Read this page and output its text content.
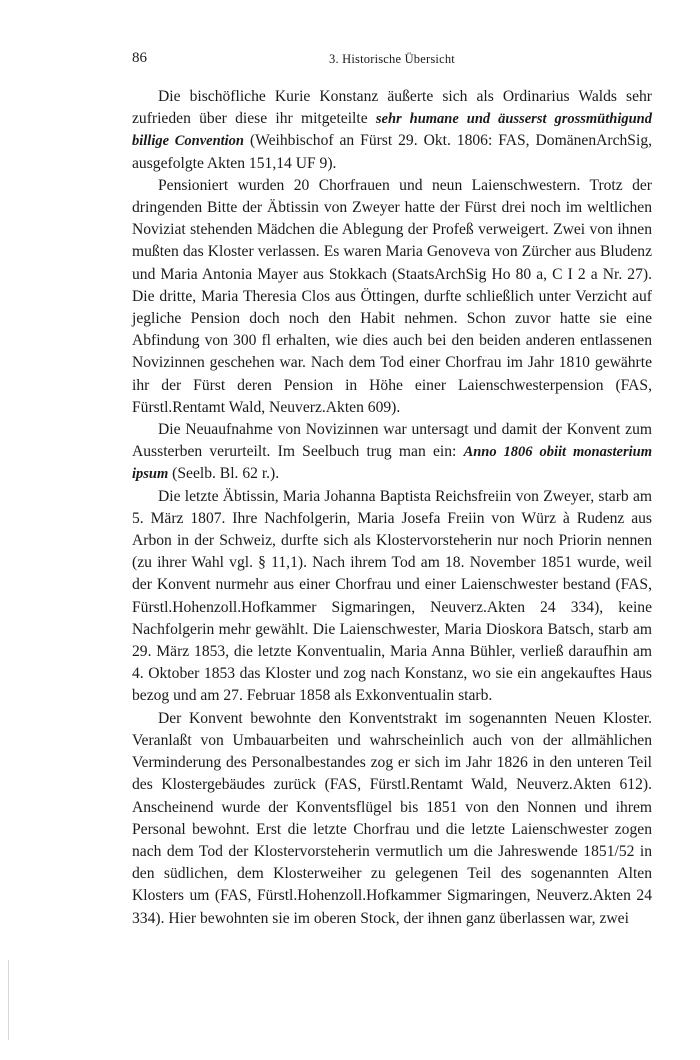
86	3. Historische Übersicht

Die bischöfliche Kurie Konstanz äußerte sich als Ordinarius Walds sehr zufrieden über diese ihr mitgeteilte sehr humane und äusserst grossmüthigund billige Convention (Weihbischof an Fürst 29. Okt. 1806: FAS, DomänenArchSig, ausgefolgte Akten 151,14 UF 9).

Pensioniert wurden 20 Chorfrauen und neun Laienschwestern. Trotz der dringenden Bitte der Äbtissin von Zweyer hatte der Fürst drei noch im weltlichen Noviziat stehenden Mädchen die Ablegung der Profeß verweigert. Zwei von ihnen mußten das Kloster verlassen. Es waren Maria Genoveva von Zürcher aus Bludenz und Maria Antonia Mayer aus Stokkach (StaatsArchSig Ho 80 a, C I 2 a Nr. 27). Die dritte, Maria Theresia Clos aus Öttingen, durfte schließlich unter Verzicht auf jegliche Pension doch noch den Habit nehmen. Schon zuvor hatte sie eine Abfindung von 300 fl erhalten, wie dies auch bei den beiden anderen entlassenen Novizinnen geschehen war. Nach dem Tod einer Chorfrau im Jahr 1810 gewährte ihr der Fürst deren Pension in Höhe einer Laienschwesterpension (FAS, Fürstl.Rentamt Wald, Neuverz.Akten 609).

Die Neuaufnahme von Novizinnen war untersagt und damit der Konvent zum Aussterben verurteilt. Im Seelbuch trug man ein: Anno 1806 obiit monasterium ipsum (Seelb. Bl. 62 r.).

Die letzte Äbtissin, Maria Johanna Baptista Reichsfreiin von Zweyer, starb am 5. März 1807. Ihre Nachfolgerin, Maria Josefa Freiin von Würz à Rudenz aus Arbon in der Schweiz, durfte sich als Klostervorsteherin nur noch Priorin nennen (zu ihrer Wahl vgl. § 11,1). Nach ihrem Tod am 18. November 1851 wurde, weil der Konvent nurmehr aus einer Chorfrau und einer Laienschwester bestand (FAS, Fürstl.Hohenzoll.Hofkammer Sigmaringen, Neuverz.Akten 24 334), keine Nachfolgerin mehr gewählt. Die Laienschwester, Maria Dioskora Batsch, starb am 29. März 1853, die letzte Konventualin, Maria Anna Bühler, verließ daraufhin am 4. Oktober 1853 das Kloster und zog nach Konstanz, wo sie ein angekauftes Haus bezog und am 27. Februar 1858 als Exkonventualin starb.

Der Konvent bewohnte den Konventstrakt im sogenannten Neuen Kloster. Veranlaßt von Umbauarbeiten und wahrscheinlich auch von der allmählichen Verminderung des Personalbestandes zog er sich im Jahr 1826 in den unteren Teil des Klostergebäudes zurück (FAS, Fürstl.Rentamt Wald, Neuverz.Akten 612). Anscheinend wurde der Konventsflügel bis 1851 von den Nonnen und ihrem Personal bewohnt. Erst die letzte Chorfrau und die letzte Laienschwester zogen nach dem Tod der Klostervorsteherin vermutlich um die Jahreswende 1851/52 in den südlichen, dem Klosterweiher zu gelegenen Teil des sogenannten Alten Klosters um (FAS, Fürstl.Hohenzoll.Hofkammer Sigmaringen, Neuverz.Akten 24 334). Hier bewohnten sie im oberen Stock, der ihnen ganz überlassen war, zwei
